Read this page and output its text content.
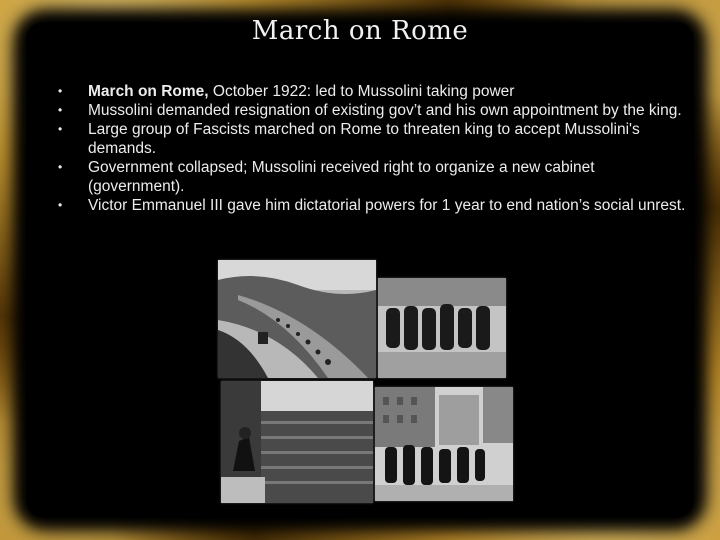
March on Rome
• March on Rome, October 1922: led to Mussolini taking power
• Mussolini demanded resignation of existing gov’t and his own appointment by the king.
• Large group of Fascists marched on Rome to threaten king to accept Mussolini's demands.
• Government collapsed; Mussolini received right to organize a new cabinet (government).
• Victor Emmanuel III gave him dictatorial powers for 1 year to end nation’s social unrest.
